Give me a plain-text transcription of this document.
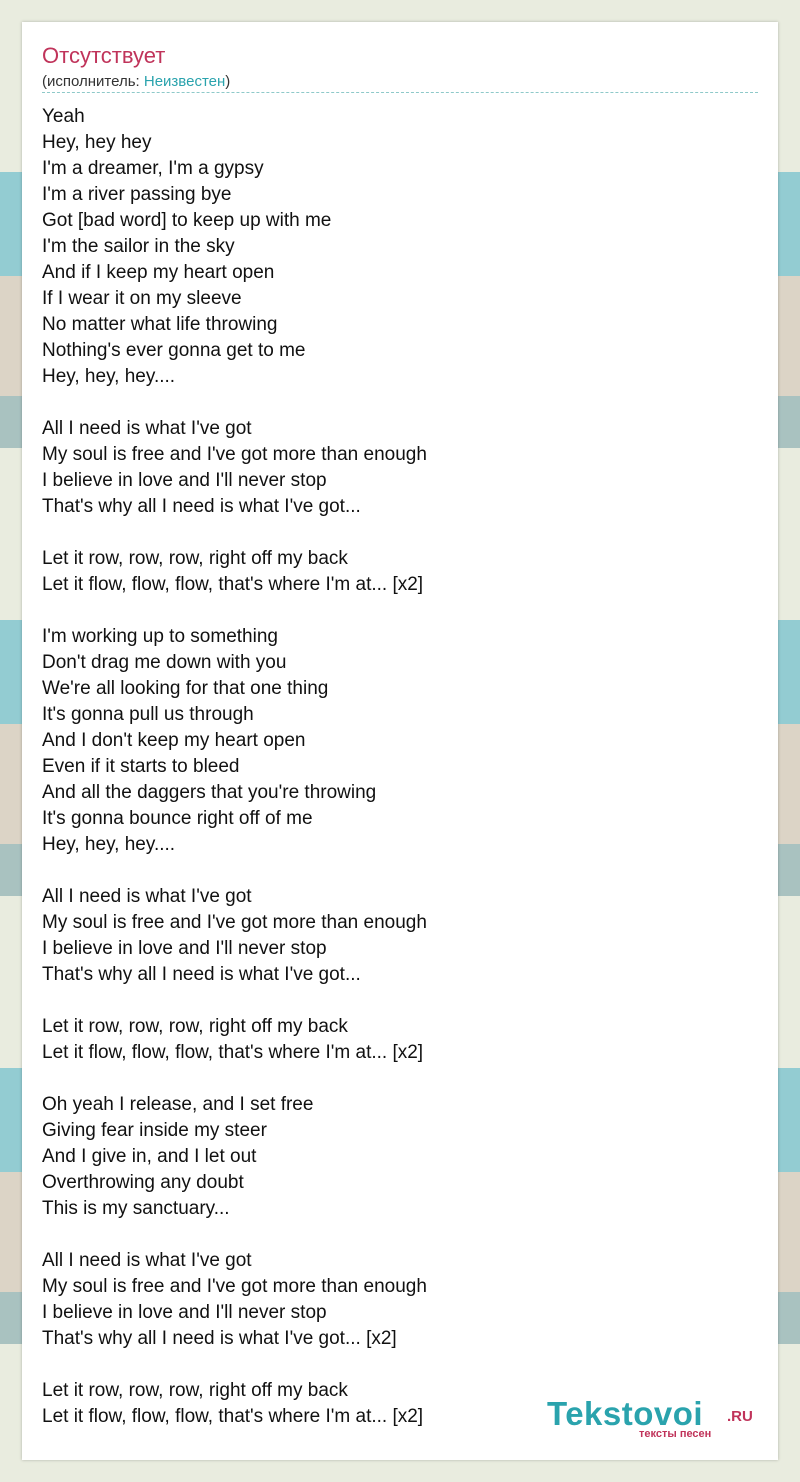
Отсутствует
(исполнитель: Неизвестен)
Yeah
Hey, hey hey
I'm a dreamer, I'm a gypsy
I'm a river passing bye
Got [bad word] to keep up with me
I'm the sailor in the sky
And if I keep my heart open
If I wear it on my sleeve
No matter what life throwing
Nothing's ever gonna get to me
Hey, hey, hey....
All I need is what I've got
My soul is free and I've got more than enough
I believe in love and I'll never stop
That's why all I need is what I've got...
Let it row, row, row, right off my back
Let it flow, flow, flow, that's where I'm at... [x2]
I'm working up to something
Don't drag me down with you
We're all looking for that one thing
It's gonna pull us through
And I don't keep my heart open
Even if it starts to bleed
And all the daggers that you're throwing
It's gonna bounce right off of me
Hey, hey, hey....
All I need is what I've got
My soul is free and I've got more than enough
I believe in love and I'll never stop
That's why all I need is what I've got...
Let it row, row, row, right off my back
Let it flow, flow, flow, that's where I'm at... [x2]
Oh yeah I release, and I set free
Giving fear inside my steer
And I give in, and I let out
Overthrowing any doubt
This is my sanctuary...
All I need is what I've got
My soul is free and I've got more than enough
I believe in love and I'll never stop
That's why all I need is what I've got... [x2]
Let it row, row, row, right off my back
Let it flow, flow, flow, that's where I'm at... [x2]	Tekstovoi .RU
тексты песен
